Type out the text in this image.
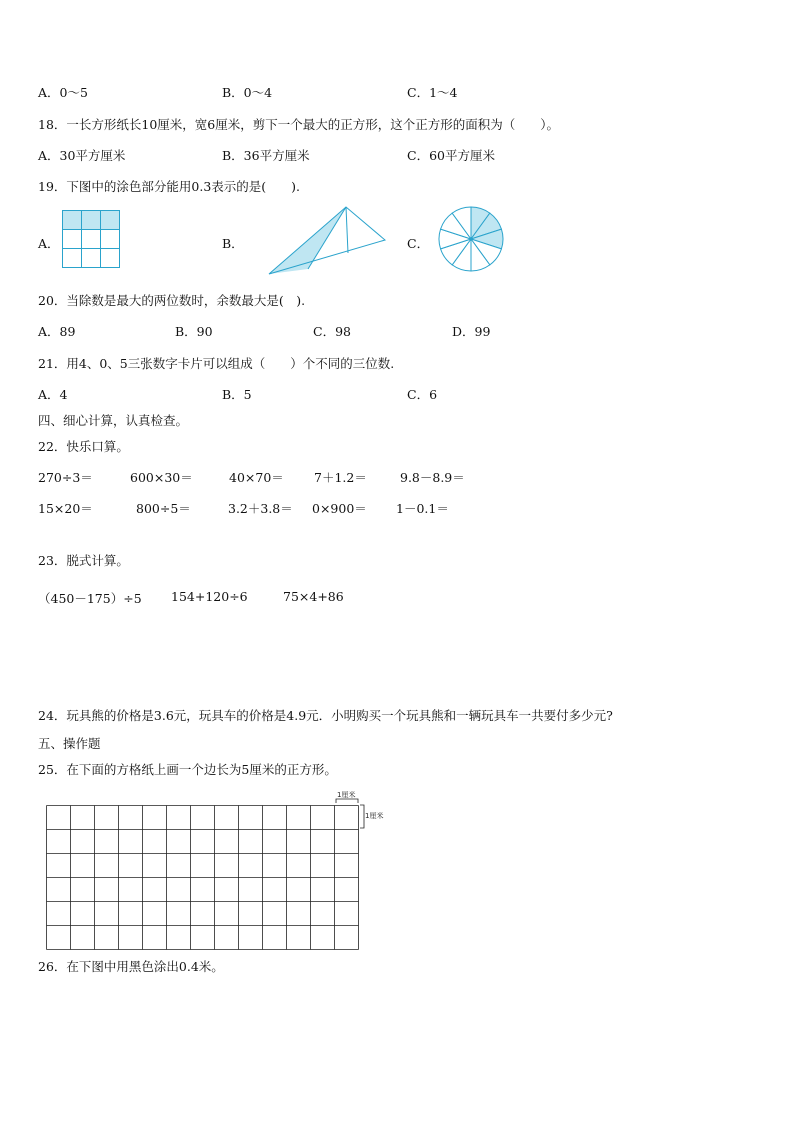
A．0～5	B．0～4	C．1～4
18．一长方形纸长10厘米，宽6厘米，剪下一个最大的正方形，这个正方形的面积为（　　）。
A．30平方厘米	B．36平方厘米	C．60平方厘米
19．下图中的涂色部分能用0.3表示的是(　　).
A．	B．	C．
20．当除数是最大的两位数时，余数最大是(　).
A．89	B．90	C．98	D．99
21．用4、0、5三张数字卡片可以组成（　　）个不同的三位数.
A．4	B．5	C．6
四、细心计算，认真检查。
22．快乐口算。
270÷3＝	600×30＝	40×70＝ 7＋1.2＝	9.8－8.9＝
15×20＝	800÷5＝	3.2＋3.8＝ 0×900＝ 1－0.1＝
23．脱式计算。
（450－175）÷5 154+120÷6	75×4+86
24．玩具熊的价格是3.6元，玩具车的价格是4.9元．小明购买一个玩具熊和一辆玩具车一共要付多少元?
五、操作题
25．在下面的方格纸上画一个边长为5厘米的正方形。
1厘米
1厘米
26．在下图中用黑色涂出0.4米。
